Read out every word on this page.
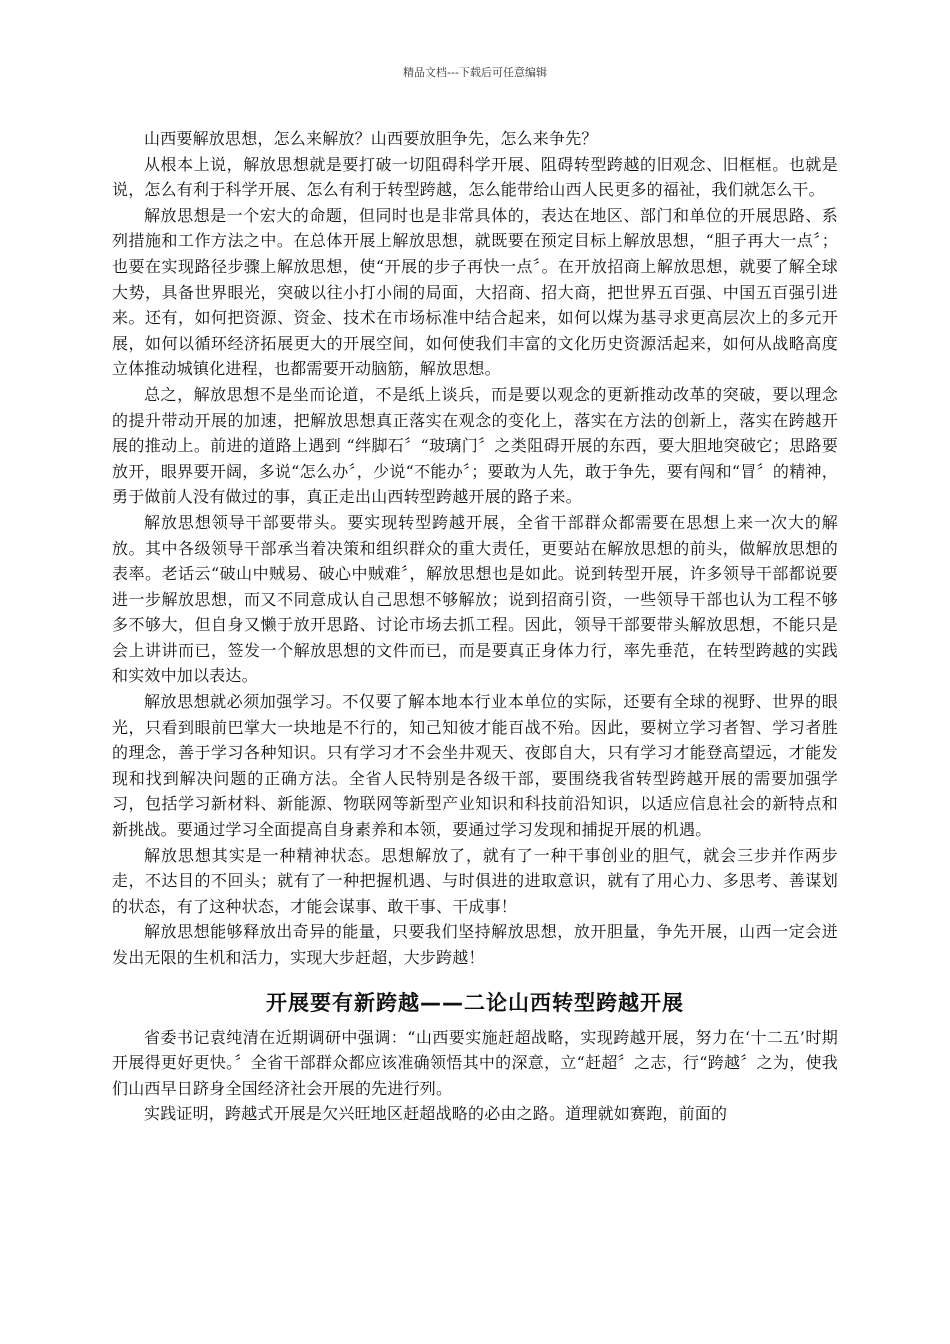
精品文档---下载后可任意编辑

山西要解放思想，怎么来解放？山西要放胆争先，怎么来争先？

从根本上说，解放思想就是要打破一切阻碍科学开展、阻碍转型跨越的旧观念、旧框框。也就是说，怎么有利于科学开展、怎么有利于转型跨越，怎么能带给山西人民更多的福祉，我们就怎么干。

解放思想是一个宏大的命题，但同时也是非常具体的，表达在地区、部门和单位的开展思路、系列措施和工作方法之中。在总体开展上解放思想，就既要在预定目标上解放思想，“胆子再大一点〞；也要在实现路径步骤上解放思想，使“开展的步子再快一点〞。在开放招商上解放思想，就要了解全球大势，具备世界眼光，突破以往小打小闹的局面，大招商、招大商，把世界五百强、中国五百强引进来。还有，如何把资源、资金、技术在市场标准中结合起来，如何以煤为基寻求更高层次上的多元开展，如何以循环经济拓展更大的开展空间，如何使我们丰富的文化历史资源活起来，如何从战略高度立体推动城镇化进程，也都需要开动脑筋，解放思想。

总之，解放思想不是坐而论道，不是纸上谈兵，而是要以观念的更新推动改革的突破，要以理念的提升带动开展的加速，把解放思想真正落实在观念的变化上，落实在方法的创新上，落实在跨越开展的推动上。前进的道路上遇到 “绊脚石〞“玻璃门〞之类阻碍开展的东西，要大胆地突破它；思路要放开，眼界要开阔，多说“怎么办〞，少说“不能办〞；要敢为人先，敢于争先，要有闯和“冒〞的精神，勇于做前人没有做过的事，真正走出山西转型跨越开展的路子来。

解放思想领导干部要带头。要实现转型跨越开展，全省干部群众都需要在思想上来一次大的解放。其中各级领导干部承当着决策和组织群众的重大责任，更要站在解放思想的前头，做解放思想的表率。老话云“破山中贼易、破心中贼难〞，解放思想也是如此。说到转型开展，许多领导干部都说要进一步解放思想，而又不同意成认自己思想不够解放；说到招商引资，一些领导干部也认为工程不够多不够大，但自身又懒于放开思路、讨论市场去抓工程。因此，领导干部要带头解放思想，不能只是会上讲讲而已，签发一个解放思想的文件而已，而是要真正身体力行，率先垂范，在转型跨越的实践和实效中加以表达。

解放思想就必须加强学习。不仅要了解本地本行业本单位的实际，还要有全球的视野、世界的眼光，只看到眼前巴掌大一块地是不行的，知己知彼才能百战不殆。因此，要树立学习者智、学习者胜的理念，善于学习各种知识。只有学习才不会坐井观天、夜郎自大，只有学习才能登高望远，才能发现和找到解决问题的正确方法。全省人民特别是各级干部，要围绕我省转型跨越开展的需要加强学习，包括学习新材料、新能源、物联网等新型产业知识和科技前沿知识，以适应信息社会的新特点和新挑战。要通过学习全面提高自身素养和本领，要通过学习发现和捕捉开展的机遇。

解放思想其实是一种精神状态。思想解放了，就有了一种干事创业的胆气，就会三步并作两步走，不达目的不回头；就有了一种把握机遇、与时俱进的进取意识，就有了用心力、多思考、善谋划的状态，有了这种状态，才能会谋事、敢干事、干成事！

解放思想能够释放出奇异的能量，只要我们坚持解放思想，放开胆量，争先开展，山西一定会迸发出无限的生机和活力，实现大步赶超，大步跨越！

开展要有新跨越——二论山西转型跨越开展

省委书记袁纯清在近期调研中强调：“山西要实施赶超战略，实现跨越开展，努力在‘十二五’时期开展得更好更快。〞全省干部群众都应该准确领悟其中的深意，立“赶超〞之志，行“跨越〞之为，使我们山西早日跻身全国经济社会开展的先进行列。

实践证明，跨越式开展是欠兴旺地区赶超战略的必由之路。道理就如赛跑，前面的
